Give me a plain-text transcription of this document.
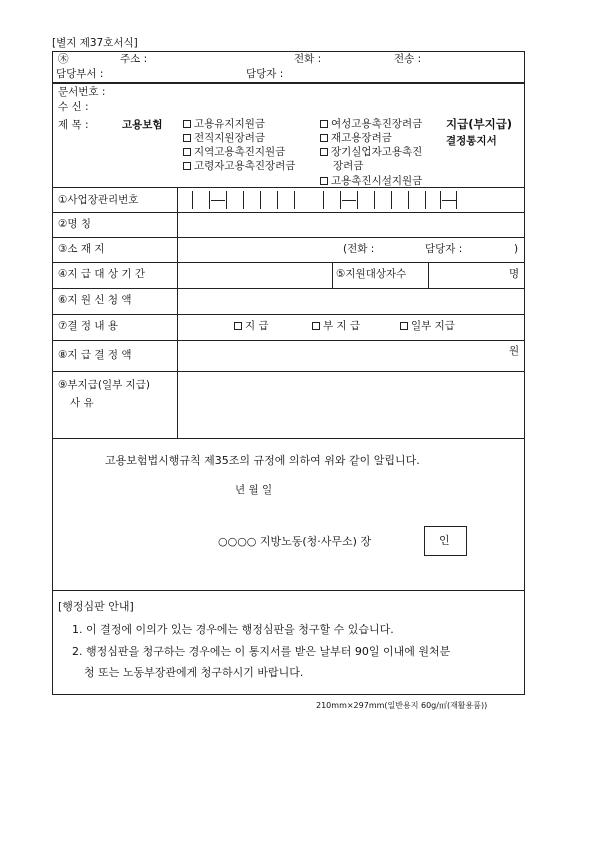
[별지 제37호서식]
㊍	주소 :	전화 :	전송 :
담당부서 :	담당자 :
문서번호 :
수 신 :
제 목 :	고용보험	고용유지지원금
전직지원장려금
지역고용촉진지원금
고령자고용촉진장려금
여성고용촉진장려금
재고용장려금
장기실업자고용촉진
장려금
고용촉진시설지원금
지급(부지급)
결정통지서
①사업장관리번호
②명 칭
③소 재 지	(전화 :	담당자 :	)
④지 급 대 상 기 간	⑤지원대상자수	명
⑥지 원 신 청 액
⑦결 정 내 용	지 급	부 지 급	일부 지급
⑧지 급 결 정 액	원
⑨부지급(일부 지급)
사 유
고용보험법시행규칙 제35조의 규정에 의하여 위와 같이 알립니다.
년 월 일
○○○○ 지방노동(청·사무소) 장	인
[행정심판 안내]
1. 이 결정에 이의가 있는 경우에는 행정심판을 청구할 수 있습니다.
2. 행정심판을 청구하는 경우에는 이 통지서를 받은 날부터 90일 이내에 원처분
청 또는 노동부장관에게 청구하시기 바랍니다.
210mm×297mm(일반용지 60g/㎡(재활용품))
